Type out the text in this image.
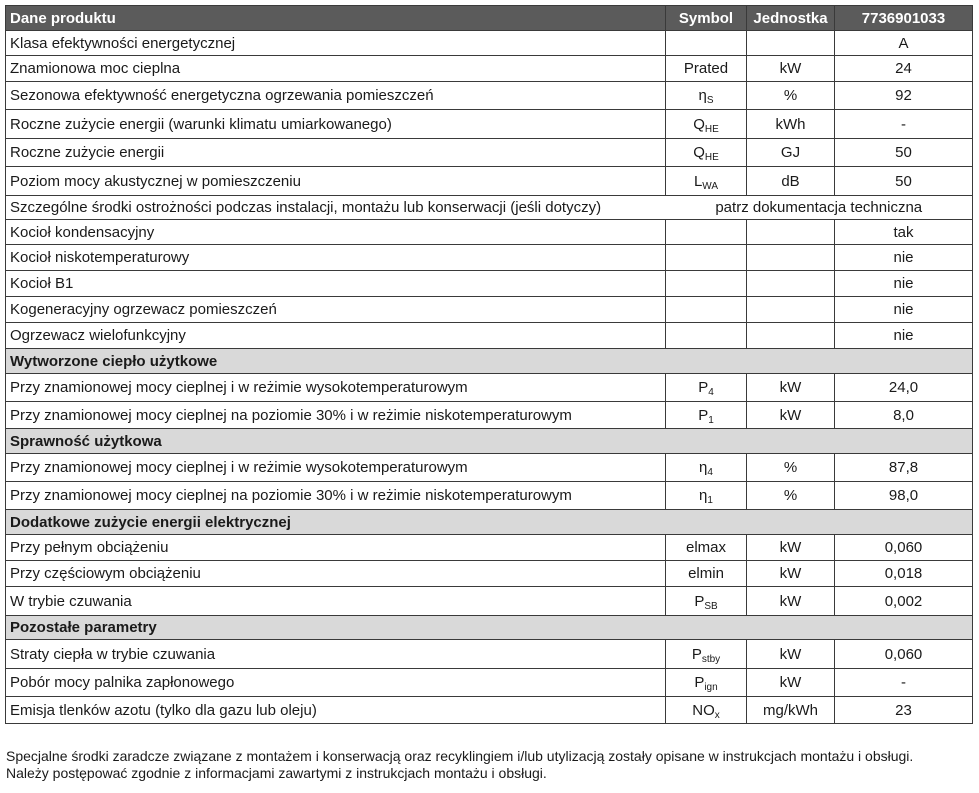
Dane produktu	Symbol	Jednostka	7736901033
Klasa efektywności energetycznej			A
Znamionowa moc cieplna	Prated	kW	24
Sezonowa efektywność energetyczna ogrzewania pomieszczeń	$\eta_S$	%	92
Roczne zużycie energii (warunki klimatu umiarkowanego)	$Q_{HE}$	kWh	-
Roczne zużycie energii	$Q_{HE}$	GJ	50
Poziom mocy akustycznej w pomieszczeniu	$L_{WA}$	dB	50
Szczególne środki ostrożności podczas instalacji, montażu lub konserwacji (jeśli dotyczy)	patrz dokumentacja techniczna		
Kocioł kondensacyjny			tak
Kocioł niskotemperaturowy			nie
Kocioł B1			nie
Kogeneracyjny ogrzewacz pomieszczeń			nie
Ogrzewacz wielofunkcyjny			nie
Wytworzone ciepło użytkowe			
Przy znamionowej mocy cieplnej i w reżimie wysokotemperaturowym	$P_4$	kW	24,0
Przy znamionowej mocy cieplnej na poziomie 30% i w reżimie niskotemperaturowym	$P_1$	kW	8,0
Sprawność użytkowa			
Przy znamionowej mocy cieplnej i w reżimie wysokotemperaturowym	$\eta_4$	%	87,8
Przy znamionowej mocy cieplnej na poziomie 30% i w reżimie niskotemperaturowym	$\eta_1$	%	98,0
Dodatkowe zużycie energii elektrycznej			
Przy pełnym obciążeniu	elmax	kW	0,060
Przy częściowym obciążeniu	elmin	kW	0,018
W trybie czuwania	$P_{SB}$	kW	0,002
Pozostałe parametry			
Straty ciepła w trybie czuwania	$P_{stby}$	kW	0,060
Pobór mocy palnika zapłonowego	$P_{ign}$	kW	-
Emisja tlenków azotu (tylko dla gazu lub oleju)	$NO_x$	mg/kWh	23
Specjalne środki zaradcze związane z montażem i konserwacją oraz recyklingiem i/lub utylizacją zostały opisane w instrukcjach montażu i obsługi.
Należy postępować zgodnie z informacjami zawartymi z instrukcjach montażu i obsługi.
